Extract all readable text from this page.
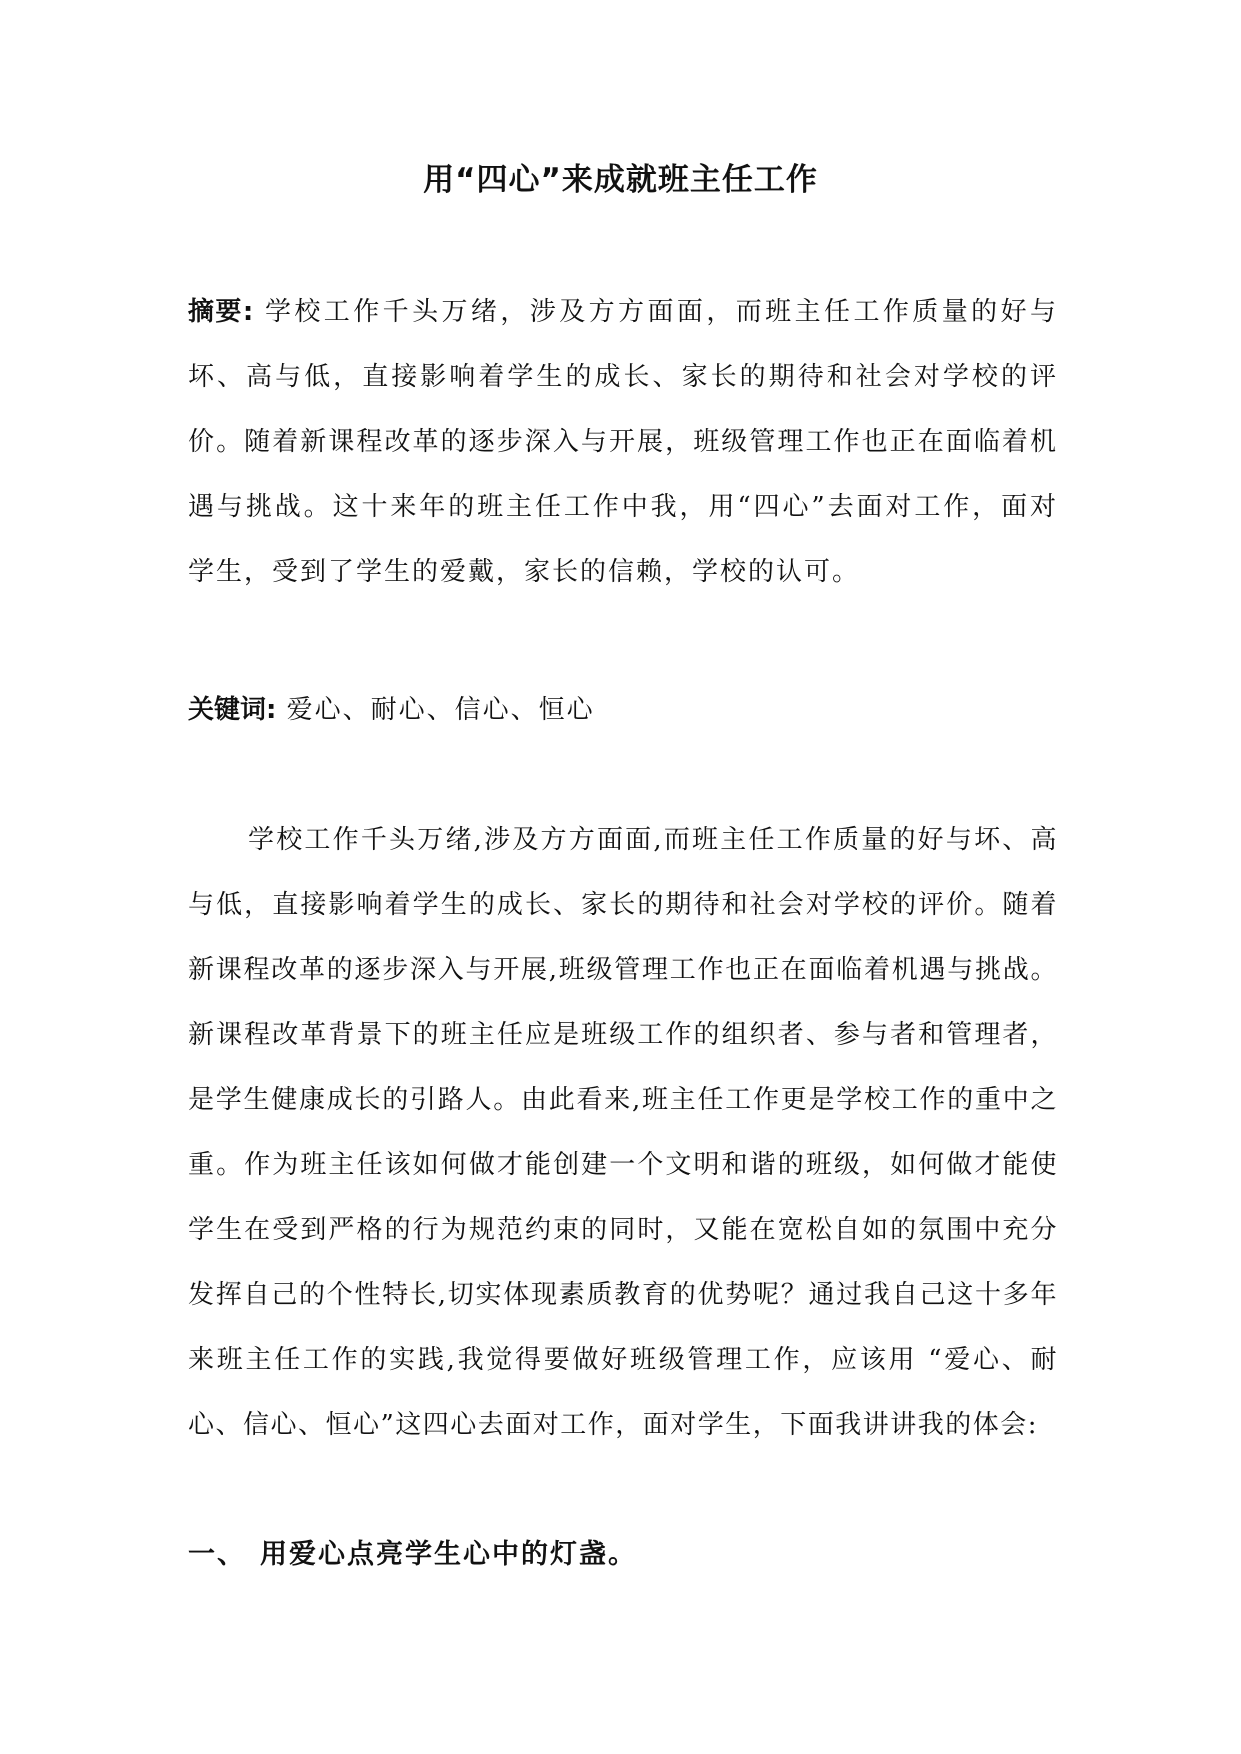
用“四心”来成就班主任工作
摘要: 学校工作千头万绪，涉及方方面面，而班主任工作质量的好与坏、高与低，直接影响着学生的成长、家长的期待和社会对学校的评价。随着新课程改革的逐步深入与开展，班级管理工作也正在面临着机遇与挑战。这十来年的班主任工作中我，用“四心”去面对工作，面对学生，受到了学生的爱戴，家长的信赖，学校的认可。
关键词: 爱心、耐心、信心、恒心
学校工作千头万绪,涉及方方面面,而班主任工作质量的好与坏、高与低，直接影响着学生的成长、家长的期待和社会对学校的评价。随着新课程改革的逐步深入与开展,班级管理工作也正在面临着机遇与挑战。新课程改革背景下的班主任应是班级工作的组织者、参与者和管理者，是学生健康成长的引路人。由此看来,班主任工作更是学校工作的重中之重。作为班主任该如何做才能创建一个文明和谐的班级，如何做才能使学生在受到严格的行为规范约束的同时，又能在宽松自如的氛围中充分发挥自己的个性特长,切实体现素质教育的优势呢？通过我自己这十多年来班主任工作的实践,我觉得要做好班级管理工作，应该用 “爱心、耐心、信心、恒心”这四心去面对工作，面对学生，下面我讲讲我的体会:
一、 用爱心点亮学生心中的灯盏。
